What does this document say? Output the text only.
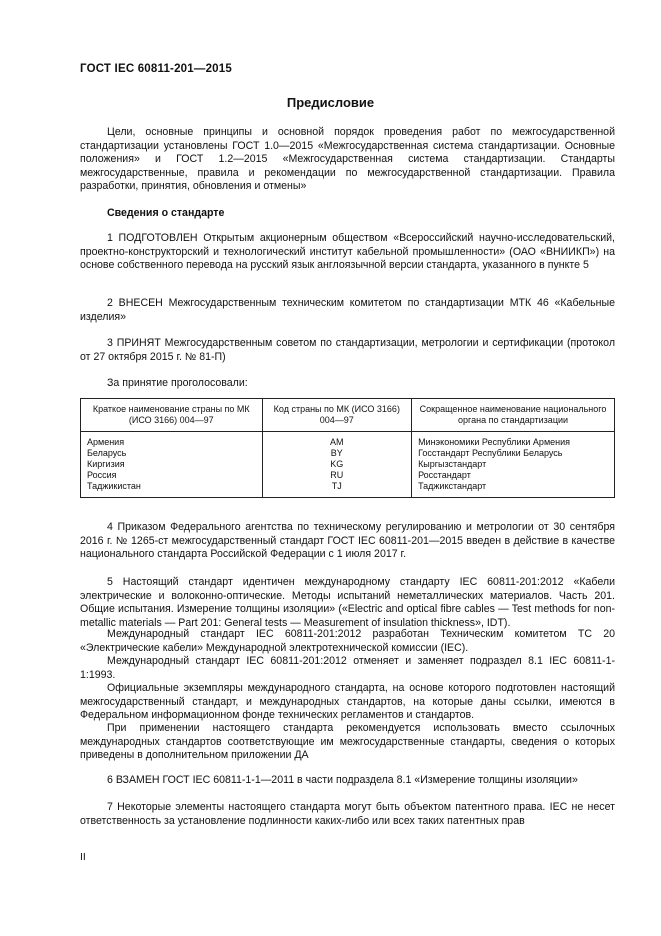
ГОСТ IEC 60811-201—2015
Предисловие

Цели, основные принципы и основной порядок проведения работ по межгосударственной стандартизации установлены ГОСТ 1.0—2015 «Межгосударственная система стандартизации. Основные положения» и ГОСТ 1.2—2015 «Межгосударственная система стандартизации. Стандарты межгосударственные, правила и рекомендации по межгосударственной стандартизации. Правила разработки, принятия, обновления и отмены»

Сведения о стандарте

1 ПОДГОТОВЛЕН Открытым акционерным обществом «Всероссийский научно-исследовательский, проектно-конструкторский и технологический институт кабельной промышленности» (ОАО «ВНИИКП») на основе собственного перевода на русский язык англоязычной версии стандарта, указанного в пункте 5

2 ВНЕСЕН Межгосударственным техническим комитетом по стандартизации МТК 46 «Кабельные изделия»

3 ПРИНЯТ Межгосударственным советом по стандартизации, метрологии и сертификации (протокол от 27 октября 2015 г. № 81-П)

За принятие проголосовали:

Краткое наименование страны по МК (ИСО 3166) 004—97	Код страны по МК (ИСО 3166) 004—97	Сокращенное наименование национального органа по стандартизации
Армения	AM	Минэкономики Республики Армения
Беларусь	BY	Госстандарт Республики Беларусь
Киргизия	KG	Кыргызстандарт
Россия	RU	Росстандарт
Таджикистан	TJ	Таджикстандарт

4 Приказом Федерального агентства по техническому регулированию и метрологии от 30 сентября 2016 г. № 1265-ст межгосударственный стандарт ГОСТ IEC 60811-201—2015 введен в действие в качестве национального стандарта Российской Федерации с 1 июля 2017 г.

5 Настоящий стандарт идентичен международному стандарту IEC 60811-201:2012 «Кабели электрические и волоконно-оптические. Методы испытаний неметаллических материалов. Часть 201. Общие испытания. Измерение толщины изоляции» («Electric and optical fibre cables — Test methods for non-metallic materials — Part 201: General tests — Measurement of insulation thickness», IDT).

Международный стандарт IEC 60811-201:2012 разработан Техническим комитетом ТС 20 «Электрические кабели» Международной электротехнической комиссии (IEC).

Международный стандарт IEC 60811-201:2012 отменяет и заменяет подраздел 8.1 IEC 60811-1-1:1993.

Официальные экземпляры международного стандарта, на основе которого подготовлен настоящий межгосударственный стандарт, и международных стандартов, на которые даны ссылки, имеются в Федеральном информационном фонде технических регламентов и стандартов.

При применении настоящего стандарта рекомендуется использовать вместо ссылочных международных стандартов соответствующие им межгосударственные стандарты, сведения о которых приведены в дополнительном приложении ДА

6 ВЗАМЕН ГОСТ IEC 60811-1-1—2011 в части подраздела 8.1 «Измерение толщины изоляции»

7 Некоторые элементы настоящего стандарта могут быть объектом патентного права. IEC не несет ответственность за установление подлинности каких-либо или всех таких патентных прав

II
